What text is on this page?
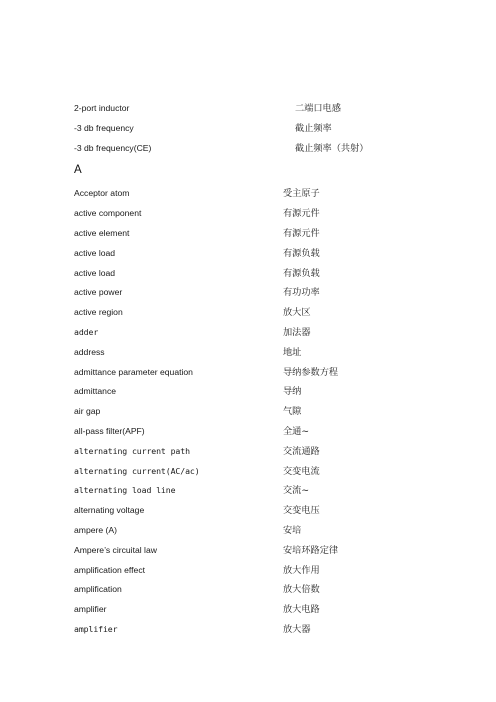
2-port inductor	二端口电感
-3 db frequency	截止频率
-3 db frequency(CE)	截止频率（共射）
A
Acceptor atom	受主原子
active component	有源元件
active element	有源元件
active load	有源负载
active load	有源负载
active power	有功功率
active region	放大区
adder	加法器
address	地址
admittance parameter equation	导纳参数方程
admittance	导纳
air gap	气隙
all-pass filter(APF)	全通~
alternating current path	交流通路
alternating current(AC/ac)	交变电流
alternating load line	交流~
alternating voltage	交变电压
ampere (A)	安培
Ampere’s circuital law	安培环路定律
amplification effect	放大作用
amplification	放大倍数
amplifier	放大电路
amplifier	放大器
